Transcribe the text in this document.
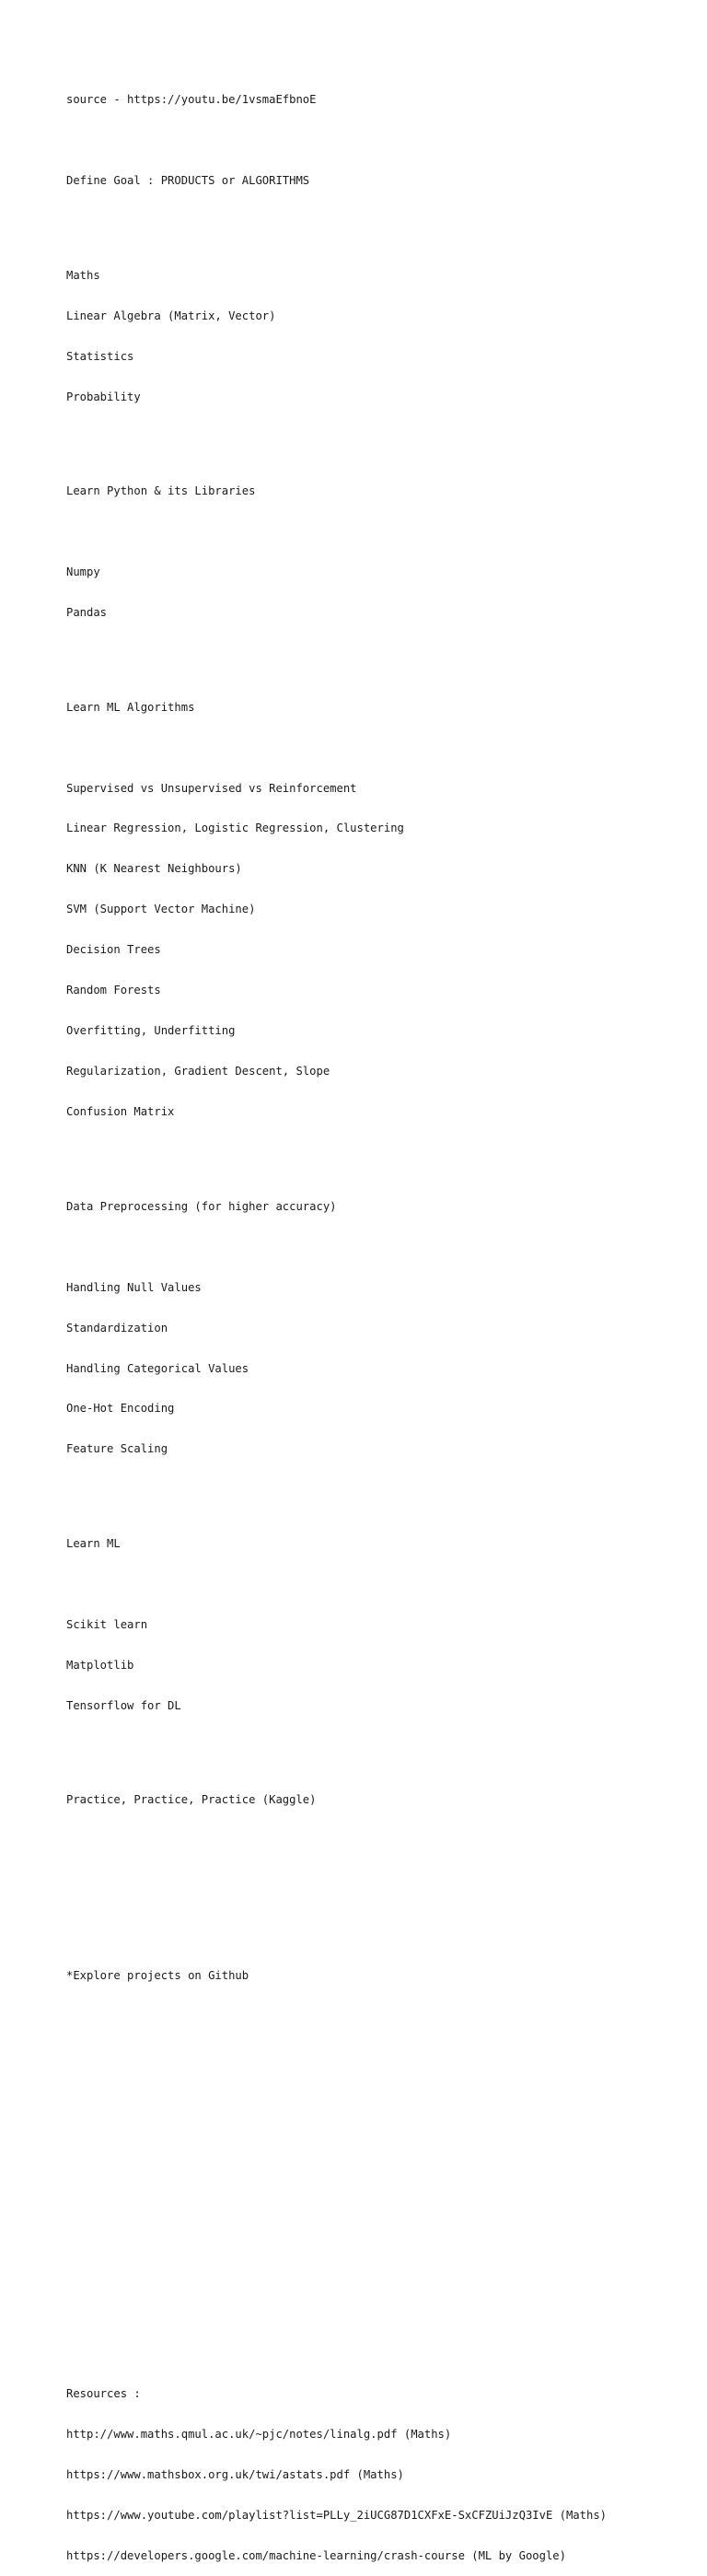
source - https://youtu.be/1vsmaEfbnoE

Define Goal : PRODUCTS or ALGORITHMS

Maths

Linear Algebra (Matrix, Vector)

Statistics

Probability

Learn Python & its Libraries

Numpy

Pandas

Learn ML Algorithms

Supervised vs Unsupervised vs Reinforcement

Linear Regression, Logistic Regression, Clustering

KNN (K Nearest Neighbours)

SVM (Support Vector Machine)

Decision Trees

Random Forests

Overfitting, Underfitting

Regularization, Gradient Descent, Slope

Confusion Matrix

Data Preprocessing (for higher accuracy)

Handling Null Values

Standardization

Handling Categorical Values

One-Hot Encoding

Feature Scaling

Learn ML

Scikit learn

Matplotlib

Tensorflow for DL

Practice, Practice, Practice (Kaggle)

*Explore projects on Github

Resources :

http://www.maths.qmul.ac.uk/~pjc/notes/linalg.pdf (Maths)

https://www.mathsbox.org.uk/twi/astats.pdf (Maths)

https://www.youtube.com/playlist?list=PLLy_2iUCG87D1CXFxE-SxCFZUiJzQ3IvE (Maths)

https://developers.google.com/machine-learning/crash-course (ML by Google)
